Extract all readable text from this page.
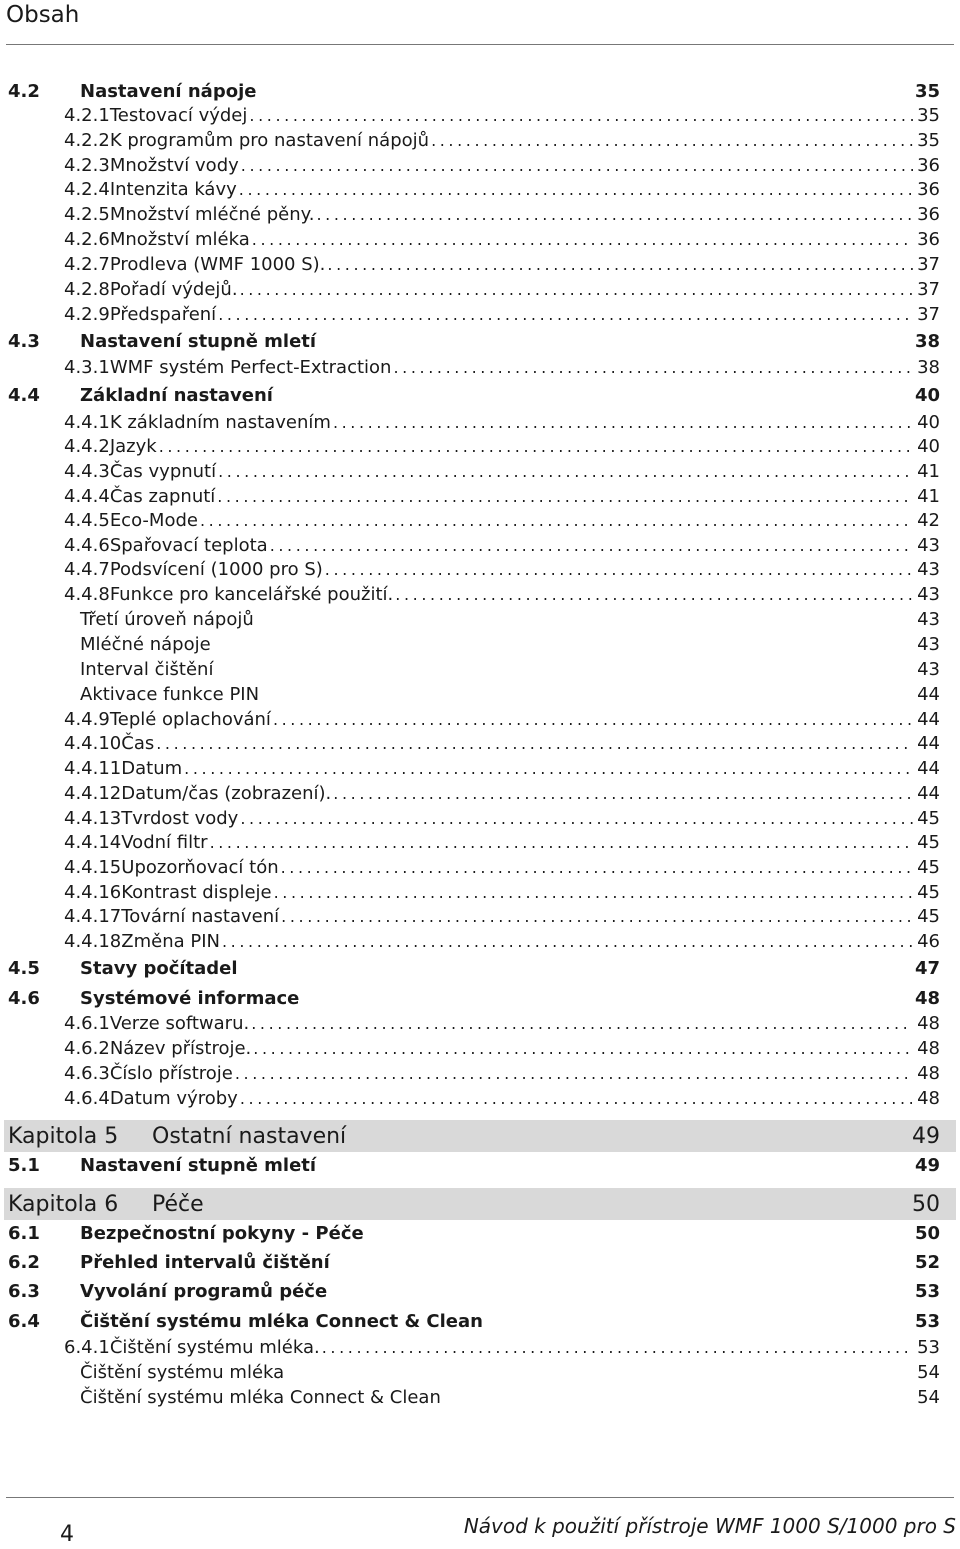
Obsah
4.2	Nastavení nápoje	35
4.2.1 Testovací výdej .....	35
4.2.2 K programům pro nastavení nápojů .....	35
4.2.3 Množství vody .....	36
4.2.4 Intenzita kávy .....	36
4.2.5 Množství mléčné pěny. .....	36
4.2.6 Množství mléka .....	36
4.2.7 Prodleva (WMF 1000 S). .....	37
4.2.8 Pořadí výdejů. .....	37
4.2.9 Předspaření .....	37
4.3	Nastavení stupně mletí	38
4.3.1 WMF systém Perfect-Extraction .....	38
4.4	Základní nastavení	40
4.4.1 K základním nastavením .....	40
4.4.2 Jazyk .....	40
4.4.3 Čas vypnutí .....	41
4.4.4 Čas zapnutí .....	41
4.4.5 Eco-Mode .....	42
4.4.6 Spařovací teplota .....	43
4.4.7 Podsvícení (1000 pro S) .....	43
4.4.8 Funkce pro kancelářské použití. .....	43
Třetí úroveň nápojů	43
Mléčné nápoje	43
Interval čištění	43
Aktivace funkce PIN	44
4.4.9 Teplé oplachování .....	44
4.4.10 Čas .....	44
4.4.11 Datum .....	44
4.4.12 Datum/čas (zobrazení). .....	44
4.4.13 Tvrdost vody .....	45
4.4.14 Vodní filtr .....	45
4.4.15 Upozorňovací tón .....	45
4.4.16 Kontrast displeje .....	45
4.4.17 Tovární nastavení .....	45
4.4.18 Změna PIN .....	46
4.5	Stavy počítadel	47
4.6	Systémové informace	48
4.6.1 Verze softwaru. .....	48
4.6.2 Název přístroje. .....	48
4.6.3 Číslo přístroje .....	48
4.6.4 Datum výroby .....	48
Kapitola 5	Ostatní nastavení	49
5.1	Nastavení stupně mletí	49
Kapitola 6	Péče	50
6.1	Bezpečnostní pokyny - Péče	50
6.2	Přehled intervalů čištění	52
6.3	Vyvolání programů péče	53
6.4	Čištění systému mléka Connect & Clean	53
6.4.1 Čištění systému mléka. .....	53
Čištění systému mléka	54
Čištění systému mléka Connect & Clean	54
4	Návod k použití přístroje WMF 1000 S/1000 pro S
